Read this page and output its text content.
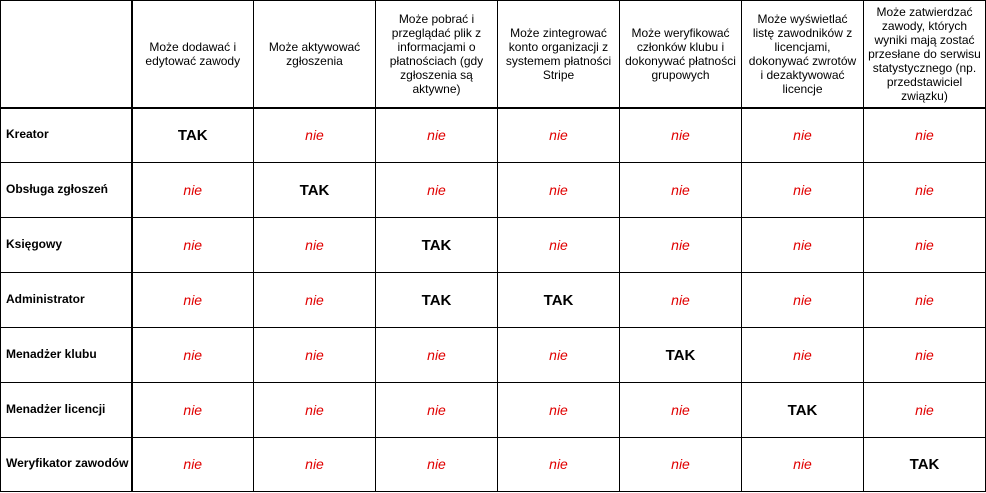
	Może dodawać i edytować zawody	Może aktywować zgłoszenia	Może pobrać i przeglądać plik z informacjami o płatnościach (gdy zgłoszenia są aktywne)	Może zintegrować konto organizacji z systemem płatności Stripe	Może weryfikować członków klubu i dokonywać płatności grupowych	Może wyświetlać listę zawodników z licencjami, dokonywać zwrotów i dezaktywować licencje	Może zatwierdzać zawody, których wyniki mają zostać przesłane do serwisu statystycznego (np. przedstawiciel związku)
Kreator	TAK	nie	nie	nie	nie	nie	nie
Obsługa zgłoszeń	nie	TAK	nie	nie	nie	nie	nie
Księgowy	nie	nie	TAK	nie	nie	nie	nie
Administrator	nie	nie	TAK	TAK	nie	nie	nie
Menadżer klubu	nie	nie	nie	nie	TAK	nie	nie
Menadżer licencji	nie	nie	nie	nie	nie	TAK	nie
Weryfikator zawodów	nie	nie	nie	nie	nie	nie	TAK
